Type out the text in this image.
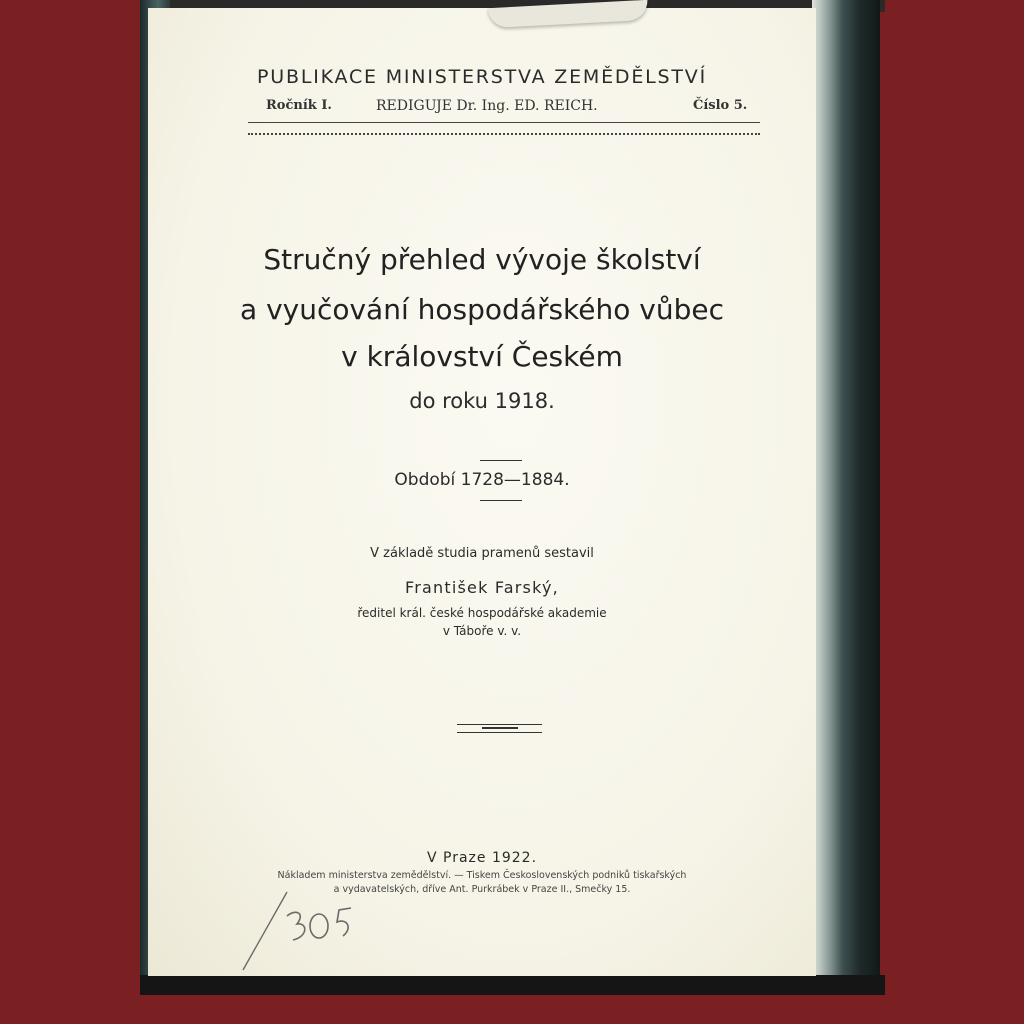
PUBLIKACE MINISTERSTVA ZEMĚDĚLSTVÍ
Ročník I.	REDIGUJE Dr. Ing. ED. REICH.	Číslo 5.
Stručný přehled vývoje školství
a vyučování hospodářského vůbec
v království Českém
do roku 1918.
Období 1728—1884.
V základě studia pramenů sestavil
František Farský,
ředitel král. české hospodářské akademie
v Táboře v. v.
V Praze 1922.
Nákladem ministerstva zemědělství. — Tiskem Československých podniků tiskařských
a vydavatelských, dříve Ant. Purkrábek v Praze II., Smečky 15.
